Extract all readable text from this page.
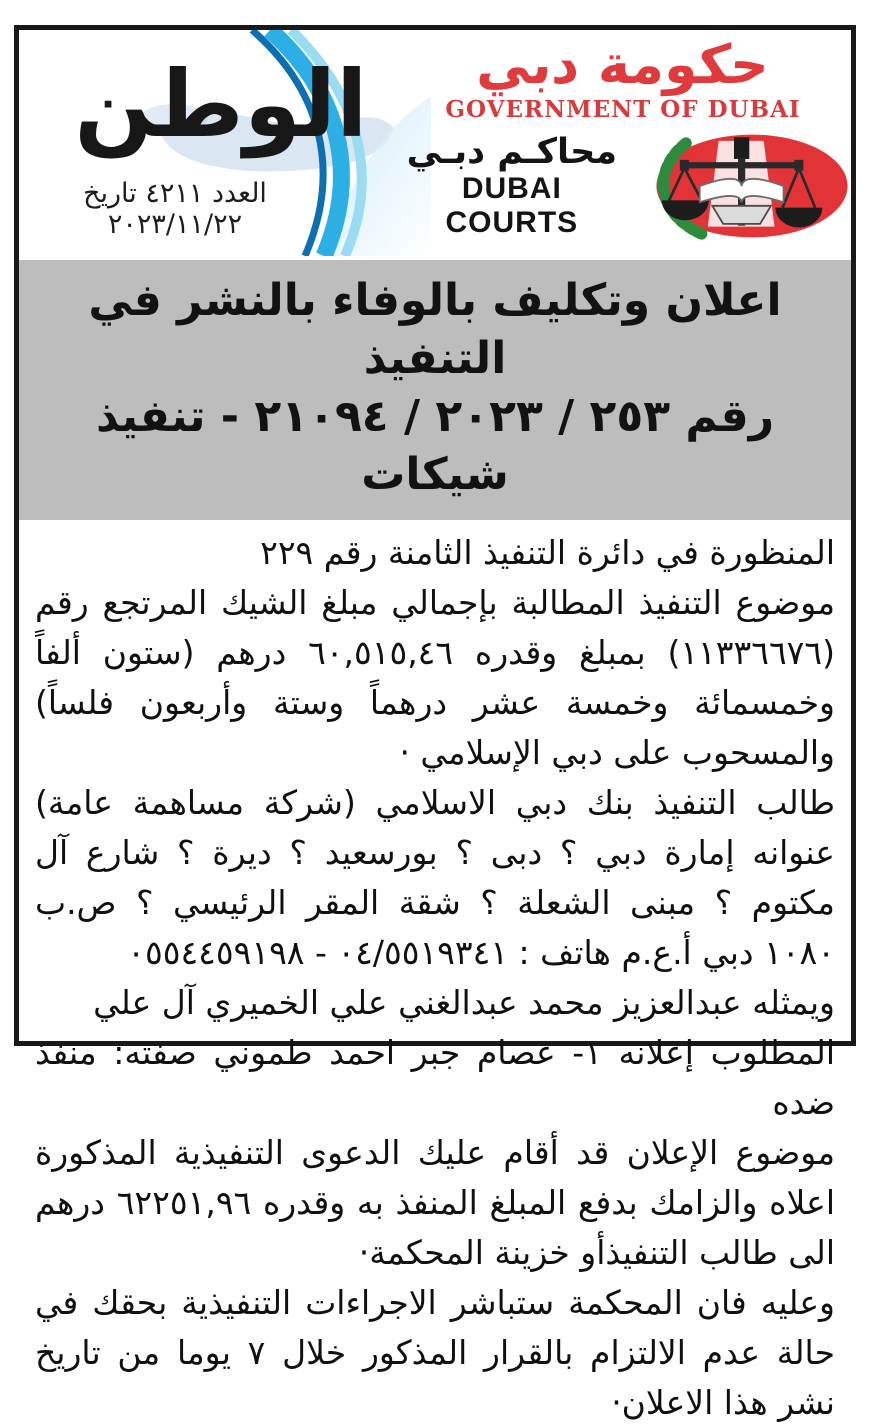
الوطن
العدد ٤٢١١ تاريخ ٢٠٢٣/١١/٢٢
حكومة دبي
GOVERNMENT OF DUBAI
محاكـم دبـي
DUBAI COURTS
اعلان وتكليف بالوفاء بالنشر في التنفيذ
رقم ٢٥٣ / ٢٠٢٣ / ٢١٠٩٤ - تنفيذ شيكات

المنظورة في دائرة التنفيذ الثامنة رقم ٢٢٩

موضوع التنفيذ المطالبة بإجمالي مبلغ الشيك المرتجع رقم (١١٣٣٦٦٧٦) بمبلغ وقدره ٦٠,٥١٥,٤٦ درهم (ستون ألفاً وخمسمائة وخمسة عشر درهماً وستة وأربعون فلساً) والمسحوب على دبي الإسلامي ·

طالب التنفيذ بنك دبي الاسلامي (شركة مساهمة عامة) عنوانه إمارة دبي ؟ دبى ؟ بورسعيد ؟ ديرة ؟ شارع آل مكتوم ؟ مبنى الشعلة ؟ شقة المقر الرئيسي ؟ ص.ب ١٠٨٠ دبي أ.ع.م هاتف : ٠٤/٥٥١٩٣٤١ - ٠٥٥٤٤٥٩١٩٨

ويمثله عبدالعزيز محمد عبدالغني علي الخميري آل علي

المطلوب إعلانه ١- عصام جبر احمد طموني صفته: منفذ ضده

موضوع الإعلان قد أقام عليك الدعوى التنفيذية المذكورة اعلاه والزامك بدفع المبلغ المنفذ به وقدره ٦٢٢٥١,٩٦ درهم الى طالب التنفيذأو خزينة المحكمة·

وعليه فان المحكمة ستباشر الاجراءات التنفيذية بحقك في حالة عدم الالتزام بالقرار المذكور خلال ٧ يوما من تاريخ نشر هذا الاعلان·
